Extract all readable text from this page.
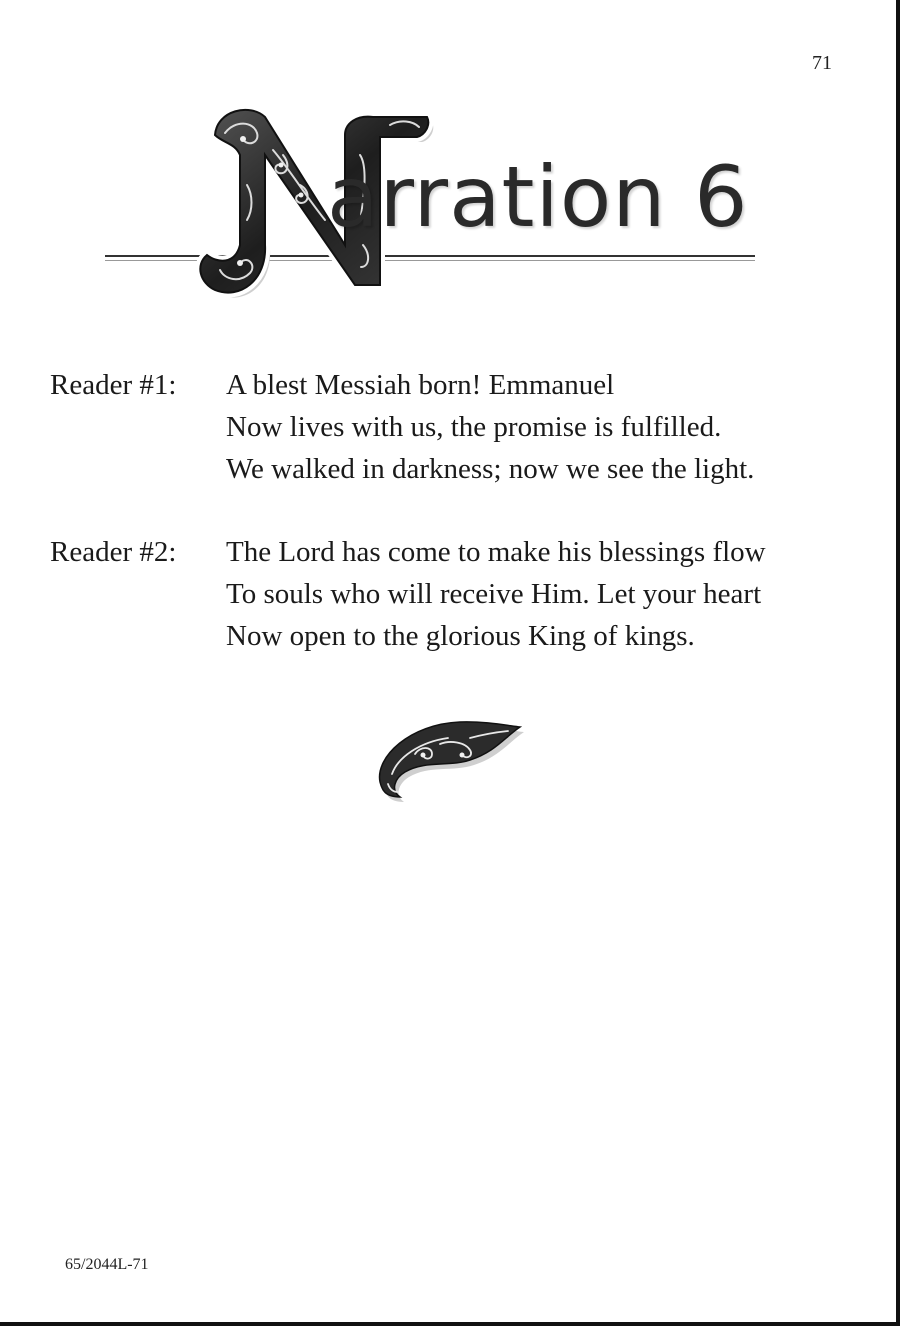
71
arration 6
Reader #1: A blest Messiah born! Emmanuel
Now lives with us, the promise is fulfilled.
We walked in darkness; now we see the light.
Reader #2: The Lord has come to make his blessings flow
To souls who will receive Him. Let your heart
Now open to the glorious King of kings.
65/2044L-71
